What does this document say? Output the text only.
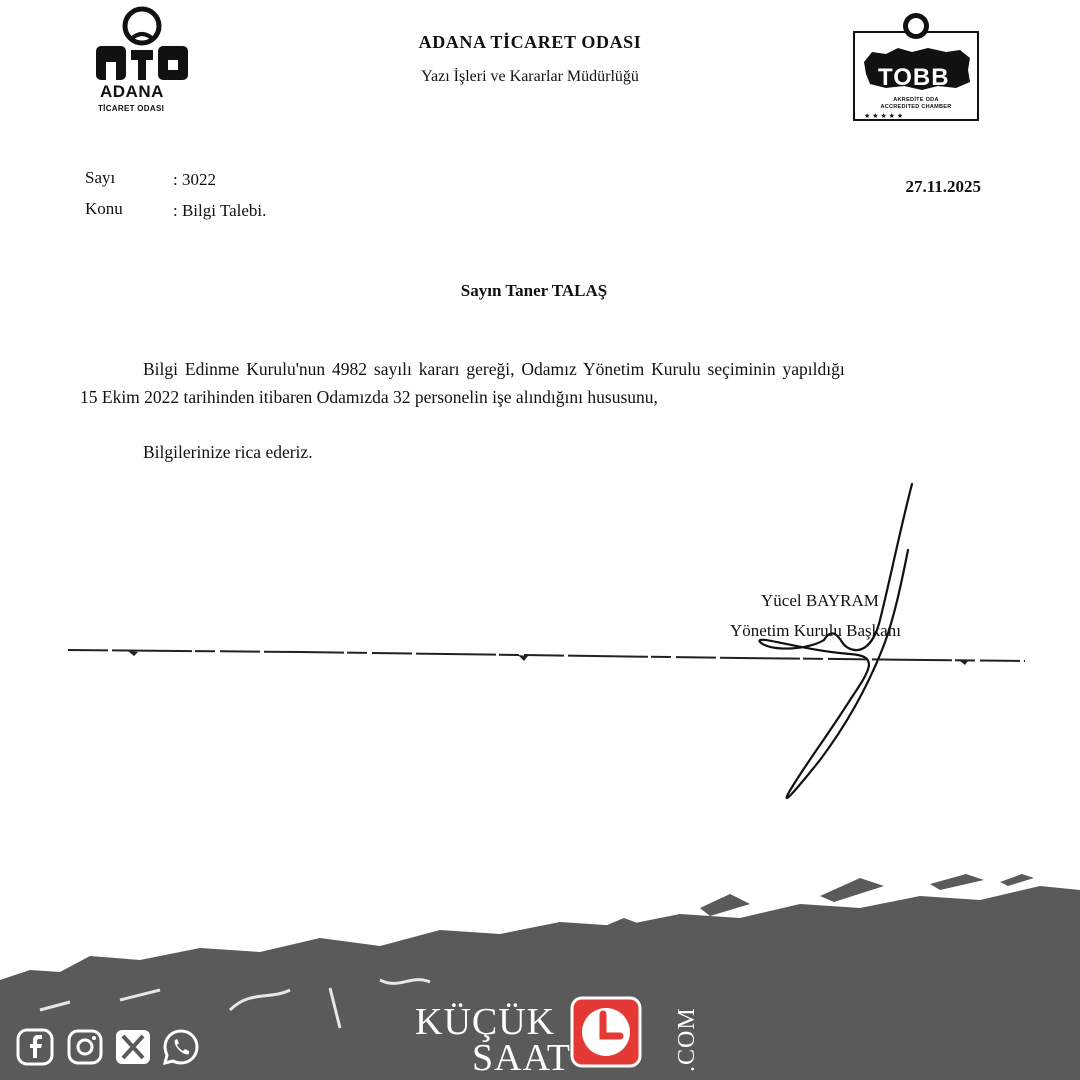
ADANA
TİCARET ODASI
ADANA TİCARET ODASI
Yazı İşleri ve Kararlar Müdürlüğü
★ ★ ★ ★ ★
TOBB
AKREDİTE ODA
ACCREDITED CHAMBER
Sayı	: 3022
Konu	: Bilgi Talebi.
27.11.2025
Sayın Taner TALAŞ
Bilgi Edinme Kurulu'nun 4982 sayılı kararı gereği, Odamız Yönetim Kurulu seçiminin yapıldığı
15 Ekim 2022 tarihinden itibaren Odamızda 32 personelin işe alındığını hususunu,
Bilgilerinize rica ederiz.
Yücel BAYRAM
Yönetim Kurulu Başkanı
KÜÇÜK
SAAT	.COM
